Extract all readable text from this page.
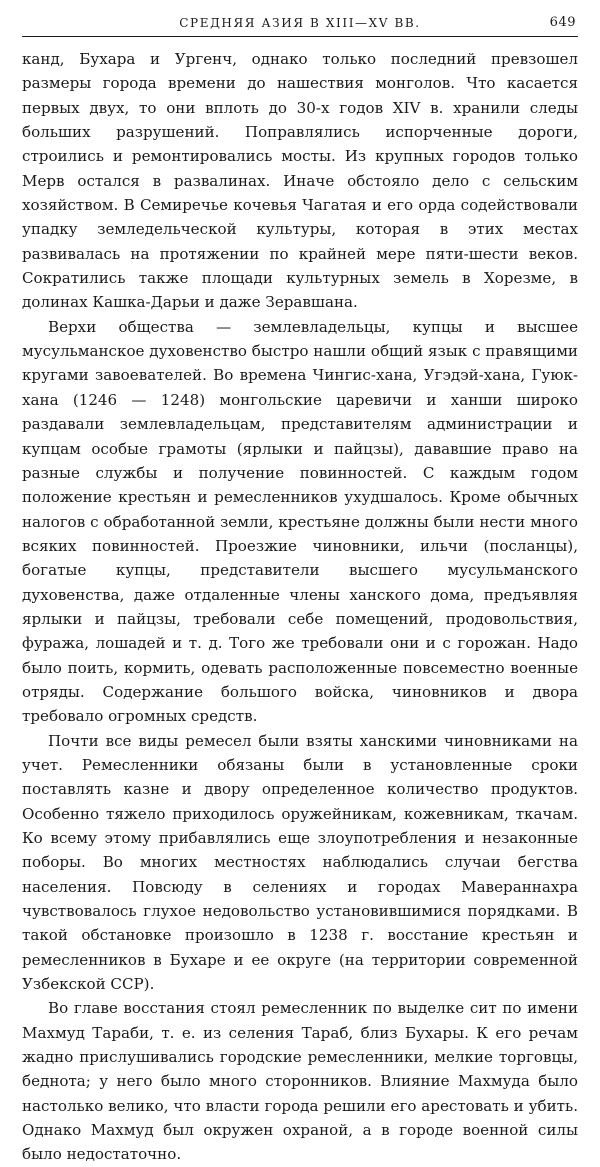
СРЕДНЯЯ АЗИЯ В XIII—XV ВВ.	649

канд, Бухара и Ургенч, однако только последний превзошел размеры города времени до нашествия монголов. Что касается первых двух, то они вплоть до 30-х годов XIV в. хранили следы больших разрушений. Поправлялись испорченные дороги, строились и ремонтировались мосты. Из крупных городов только Мерв остался в развалинах. Иначе обстояло дело с сельским хозяйством. В Семиречье кочевья Чагатая и его орда содействовали упадку земледельческой культуры, которая в этих местах развивалась на протяжении по крайней мере пяти-шести веков. Сократились также площади культурных земель в Хорезме, в долинах Кашка-Дарьи и даже Зеравшана.

Верхи общества — землевладельцы, купцы и высшее мусульманское духовенство быстро нашли общий язык с правящими кругами завоевателей. Во времена Чингис-хана, Угэдэй-хана, Гуюк-хана (1246 — 1248) монгольские царевичи и ханши широко раздавали землевладельцам, представителям администрации и купцам особые грамоты (ярлыки и пайцзы), дававшие право на разные службы и получение повинностей. С каждым годом положение крестьян и ремесленников ухудшалось. Кроме обычных налогов с обработанной земли, крестьяне должны были нести много всяких повинностей. Проезжие чиновники, ильчи (посланцы), богатые купцы, представители высшего мусульманского духовенства, даже отдаленные члены ханского дома, предъявляя ярлыки и пайцзы, требовали себе помещений, продовольствия, фуража, лошадей и т. д. Того же требовали они и с горожан. Надо было поить, кормить, одевать расположенные повсеместно военные отряды. Содержание большого войска, чиновников и двора требовало огромных средств.

Почти все виды ремесел были взяты ханскими чиновниками на учет. Ремесленники обязаны были в установленные сроки поставлять казне и двору определенное количество продуктов. Особенно тяжело приходилось оружейникам, кожевникам, ткачам. Ко всему этому прибавлялись еще злоупотребления и незаконные поборы. Во многих местностях наблюдались случаи бегства населения. Повсюду в селениях и городах Мавераннахра чувствовалось глухое недовольство установившимися порядками. В такой обстановке произошло в 1238 г. восстание крестьян и ремесленников в Бухаре и ее округе (на территории современной Узбекской ССР).

Во главе восстания стоял ремесленник по выделке сит по имени Махмуд Тараби, т. е. из селения Тараб, близ Бухары. К его речам жадно прислушивались городские ремесленники, мелкие торговцы, беднота; у него было много сторонников. Влияние Махмуда было настолько велико, что власти города решили его арестовать и убить. Однако Махмуд был окружен охраной, а в городе военной силы было недостаточно.
